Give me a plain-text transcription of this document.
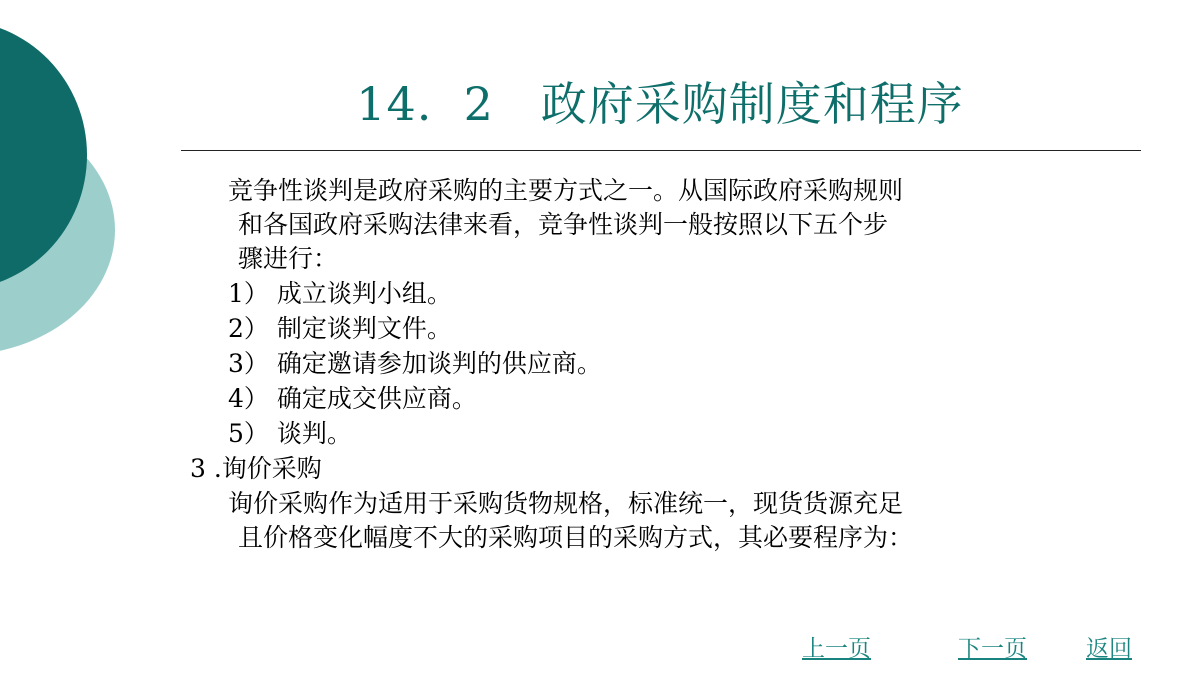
14.  2   政府采购制度和程序
竞争性谈判是政府采购的主要方式之一。从国际政府采购规则
和各国政府采购法律来看，竞争性谈判一般按照以下五个步
骤进行：
1） 成立谈判小组。
2） 制定谈判文件。
3） 确定邀请参加谈判的供应商。
4） 确定成交供应商。
5） 谈判。
3 .询价采购
询价采购作为适用于采购货物规格，标准统一，现货货源充足
且价格变化幅度不大的采购项目的采购方式，其必要程序为：
上一页	下一页	返回
